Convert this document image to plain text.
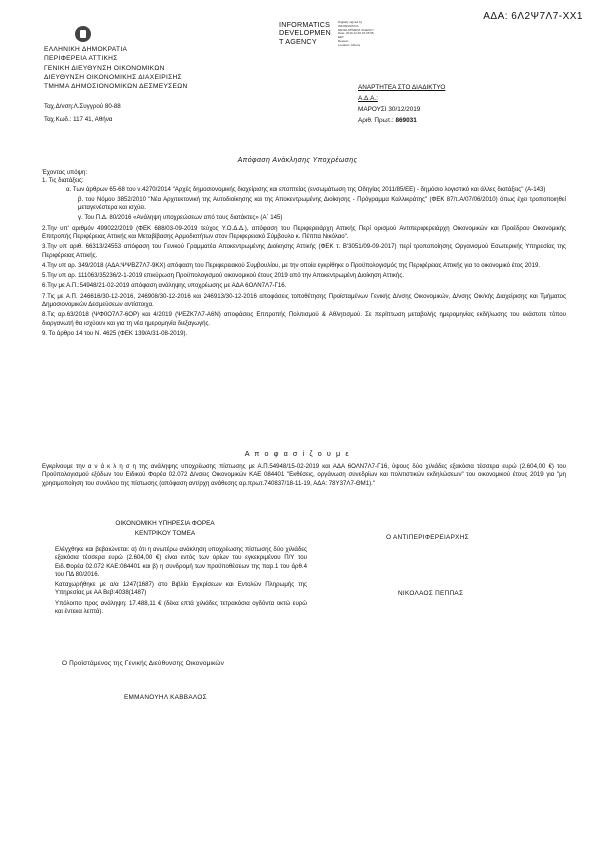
ΑΔΑ: 6Λ2Ψ7Λ7-ΧΧ1
ΕΛΛΗΝΙΚΗ ΔΗΜΟΚΡΑΤΙΑ
ΠΕΡΙΦΕΡΕΙΑ ΑΤΤΙΚΗΣ
ΓΕΝΙΚΗ ΔΙΕΥΘΥΝΣΗ ΟΙΚΟΝΟΜΙΚΩΝ
ΔΙΕΥΘΥΝΣΗ ΟΙΚΟΝΟΜΙΚΗΣ ΔΙΑΧΕΙΡΙΣΗΣ
ΤΜΗΜΑ ΔΗΜΟΣΙΟΝΟΜΙΚΩΝ ΔΕΣΜΕΥΣΕΩΝ
Ταχ.Δ/νση:Λ.Συγγρού 80-88
Ταχ.Κωδ.: 117 41, Αθήνα
INFORMATICS
DEVELOPMEN
T AGENCY
Digitally signed by
INFORMATICS
DEVELOPMENT AGENCY
Date: 2019.12.30 15:36:58
EET
Reason:
Location: Athens
ΑΝΑΡΤΗΤΕΑ ΣΤΟ ΔΙΑΔΙΚΤΥΟ
Α.Δ.Α.:
ΜΑΡΟΥΣΙ 30/12/2019
Αριθ. Πρωτ.: 869031
Απόφαση Ανάκλησης Υποχρέωσης
Έχοντας υπόψη:
1. Τις διατάξεις:

α. Των άρθρων 65-68 του ν.4270/2014 "Αρχές δημοσιονομικής διαχείρισης και εποπτείας (ενσωμάτωση της Οδηγίας 2011/85/ΕΕ) - δημόσιο λογιστικό και άλλες διατάξεις" (Α-143)

β. του Νόμου 3852/2010 "Νέα Αρχιτεκτονική της Αυτοδιοίκησης και της Αποκεντρωμένης Διοίκησης - Πρόγραμμα Καλλικράτης" (ΦΕΚ 87/τ.Α/07/06/2010) όπως έχει τροποποιηθεί μεταγενέστερα και ισχύει.

γ. Του Π.Δ. 80/2016 «Ανάληψη υποχρεώσεων από τους διατάκτες» (Α΄ 145)

2.Την υπ' αριθμόν 499022/2019 (ΦΕΚ 688/03-09-2019 τεύχος Υ.Ο.Δ.Δ.), απόφαση του Περιφερειάρχη Αττικής Περί ορισμού Αντιπεριφερειάρχη Οικονομικών και Προέδρου Οικονομικής Επιτροπής Περιφέρειας Αττικής και Μεταβίβασης Αρμοδιοτήτων στον Περιφερειακό Σύμβουλο κ. Πέππα Νικόλαο".

3.Την υπ αριθ. 66313/24553 απόφαση του Γενικού Γραμματέα Αποκεντρωμένης Διοίκησης Αττικής (ΦΕΚ τ. Β'3051/09-09-2017) περί τροποποίησης Οργανισμού Εσωτερικής Υπηρεσίας της Περιφέρειας Αττικής.

4.Την υπ αρ. 349/2018 (ΑΔΑ:ΨΨΒΖ7Λ7-9ΚΧ) απόφαση του Περιφερειακού Συμβουλίου, με την οποία εγκρίθηκε ο Προϋπολογισμός της Περιφέρειας Αττικής για το οικονομικό έτος 2019.

5.Την υπ αρ. 111063/35236/2-1-2019 επικύρωση Προϋπολογισμού οικονομικού έτους 2019 από την Αποκεντρωμένη Διοίκηση Αττικής.

6.Την με Α.Π.:54948/21-02-2019 απόφαση ανάληψης υποχρέωσης με ΑΔΑ 6ΟΛΝ7Λ7-Γ16.

7.Τις με Α.Π. 246616/30-12-2016, 246908/30-12-2016 και 246913/30-12-2016 αποφάσεις τοποθέτησης Προϊσταμένων Γενικής Δ/νσης Οικονομικών, Δ/νσης Οικ/κής Διαχείρισης και Τμήματος Δημοσιονομικών Δεσμεύσεων αντίστοιχα.

8.Τις αρ.63/2018 (ΨΦ0Ο7Λ7-6ΟΡ) και 4/2019 (ΨΕΖΚ7Λ7-Α6Ν) αποφάσεις Επιτροπής Πολιτισμού & Αθλητισμού. Σε περίπτωση μεταβολής ημερομηνίας εκδήλωσης του εκάστοτε τόπου διοργανωτή θα ισχύουν και για τη νέα ημερομηνία διεξαγωγής.

9. Το άρθρο 14 του Ν. 4625 (ΦΕΚ 139/Α/31-08-2019).

Α π ο φ α σ ί ζ ο υ μ ε
Εγκρίνουμε την α ν ά κ λ η σ η της ανάληψης υποχρέωσης πίστωσης με Α.Π.54948/15-02-2019 και ΑΔΑ 6ΟΛΝ7Λ7-Γ16, ύψους δύο χιλιάδες εξακόσια τέσσερα ευρώ (2.604,00 €) του Προϋπολογισμού εξόδων του Ειδικού Φορέα 02.072 Δ/νσεις Οικονομικών ΚΑΕ 084401 "Εκθέσεις, οργάνωση συνεδρίων και πολιτιστικών εκδηλώσεων" του οικονομικού έτους 2019 για "μη χρησιμοποίηση του συνόλου της πίστωσης (απόφαση αντ/ρχη ανάθεσης αρ.πρωτ.740837/18-11-19, ΑΔΑ: 78Υ37Λ7-ΘΜ1)."
ΟΙΚΟΝΟΜΙΚΗ ΥΠΗΡΕΣΙΑ ΦΟΡΕΑ
ΚΕΝΤΡΙΚΟΥ ΤΟΜΕΑ

Ελέγχθηκε και βεβαιώνεται: α) ότι η ανωτέρω ανάκληση υποχρέωσης πίστωσης δύο χιλιάδες εξακόσια τέσσερα ευρώ (2.604,00 €) είναι εντός των ορίων του εγκεκριμένου Π/Υ του Ειδ.Φορέα 02.072 ΚΑΕ:084401 και β) η συνδρομή των προϋποθέσεων της παρ.1 του άρθ.4 του ΠΔ 80/2016.

Καταχωρήθηκε με α/α 1247(1687) στο Βιβλίο Εγκρίσεων και Εντολών Πληρωμής της Υπηρεσίας με ΑΑ Βεβ:4038(1487)

Υπόλοιπο προς ανάληψη: 17.488,11 € (δέκα επτά χιλιάδες τετρακόσια ογδόντα οκτώ ευρώ και έντεκα λεπτά).

Ο ΑΝΤΙΠΕΡΙΦΕΡΕΙΑΡΧΗΣ
ΝΙΚΟΛΑΟΣ ΠΕΠΠΑΣ
Ο Προϊστάμενος της Γενικής Διεύθυνσης Οικονομικών
ΕΜΜΑΝΟΥΗΛ ΚΑΒΒΑΛΟΣ
